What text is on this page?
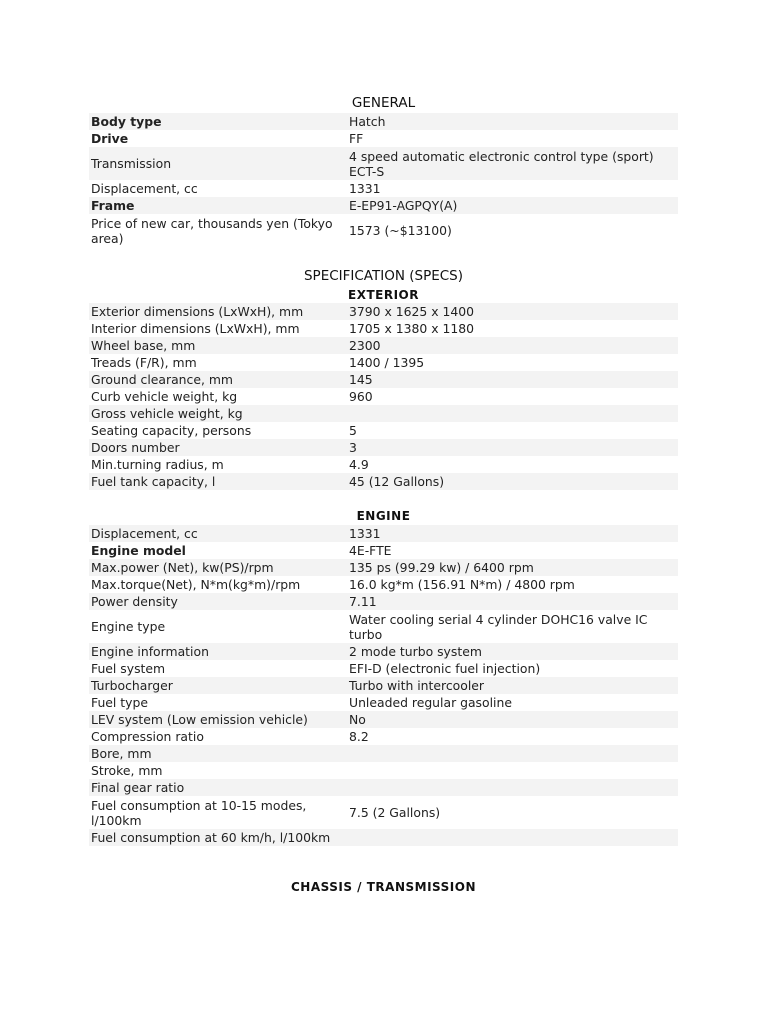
GENERAL
Body type	Hatch
Drive	FF
Transmission	4 speed automatic electronic control type (sport) ECT-S
Displacement, cc	1331
Frame	E-EP91-AGPQY(A)
Price of new car, thousands yen (Tokyo area)	1573 (~$13100)
SPECIFICATION (SPECS)
EXTERIOR
Exterior dimensions (LxWxH), mm	3790 x 1625 x 1400
Interior dimensions (LxWxH), mm	1705 x 1380 x 1180
Wheel base, mm	2300
Treads (F/R), mm	1400 / 1395
Ground clearance, mm	145
Curb vehicle weight, kg	960
Gross vehicle weight, kg
Seating capacity, persons	5
Doors number	3
Min.turning radius, m	4.9
Fuel tank capacity, l	45 (12 Gallons)
ENGINE
Displacement, cc	1331
Engine model	4E-FTE
Max.power (Net), kw(PS)/rpm	135 ps (99.29 kw) / 6400 rpm
Max.torque(Net), N*m(kg*m)/rpm	16.0 kg*m (156.91 N*m) / 4800 rpm
Power density	7.11
Engine type	Water cooling serial 4 cylinder DOHC16 valve IC turbo
Engine information	2 mode turbo system
Fuel system	EFI-D (electronic fuel injection)
Turbocharger	Turbo with intercooler
Fuel type	Unleaded regular gasoline
LEV system (Low emission vehicle)	No
Compression ratio	8.2
Bore, mm
Stroke, mm
Final gear ratio
Fuel consumption at 10-15 modes, l/100km	7.5 (2 Gallons)
Fuel consumption at 60 km/h, l/100km
CHASSIS / TRANSMISSION
